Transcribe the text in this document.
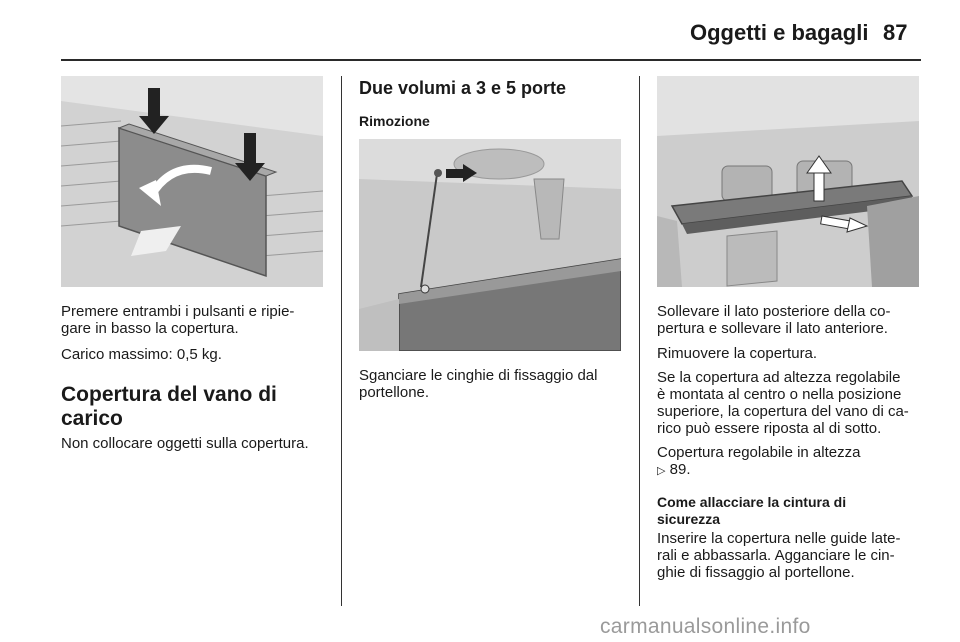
Oggetti e bagagli 87
Premere entrambi i pulsanti e ripie-
gare in basso la copertura.
Carico massimo: 0,5 kg.
Copertura del vano di
carico
Non collocare oggetti sulla copertura.
Due volumi a 3 e 5 porte
Rimozione
Sganciare le cinghie di fissaggio dal
portellone.
Sollevare il lato posteriore della co-
pertura e sollevare il lato anteriore.
Rimuovere la copertura.
Se la copertura ad altezza regolabile
è montata al centro o nella posizione
superiore, la copertura del vano di ca-
rico può essere riposta al di sotto.
Copertura regolabile in altezza
▷ 89.
Come allacciare la cintura di
sicurezza
Inserire la copertura nelle guide late-
rali e abbassarla. Agganciare le cin-
ghie di fissaggio al portellone.
carmanualsonline.info
